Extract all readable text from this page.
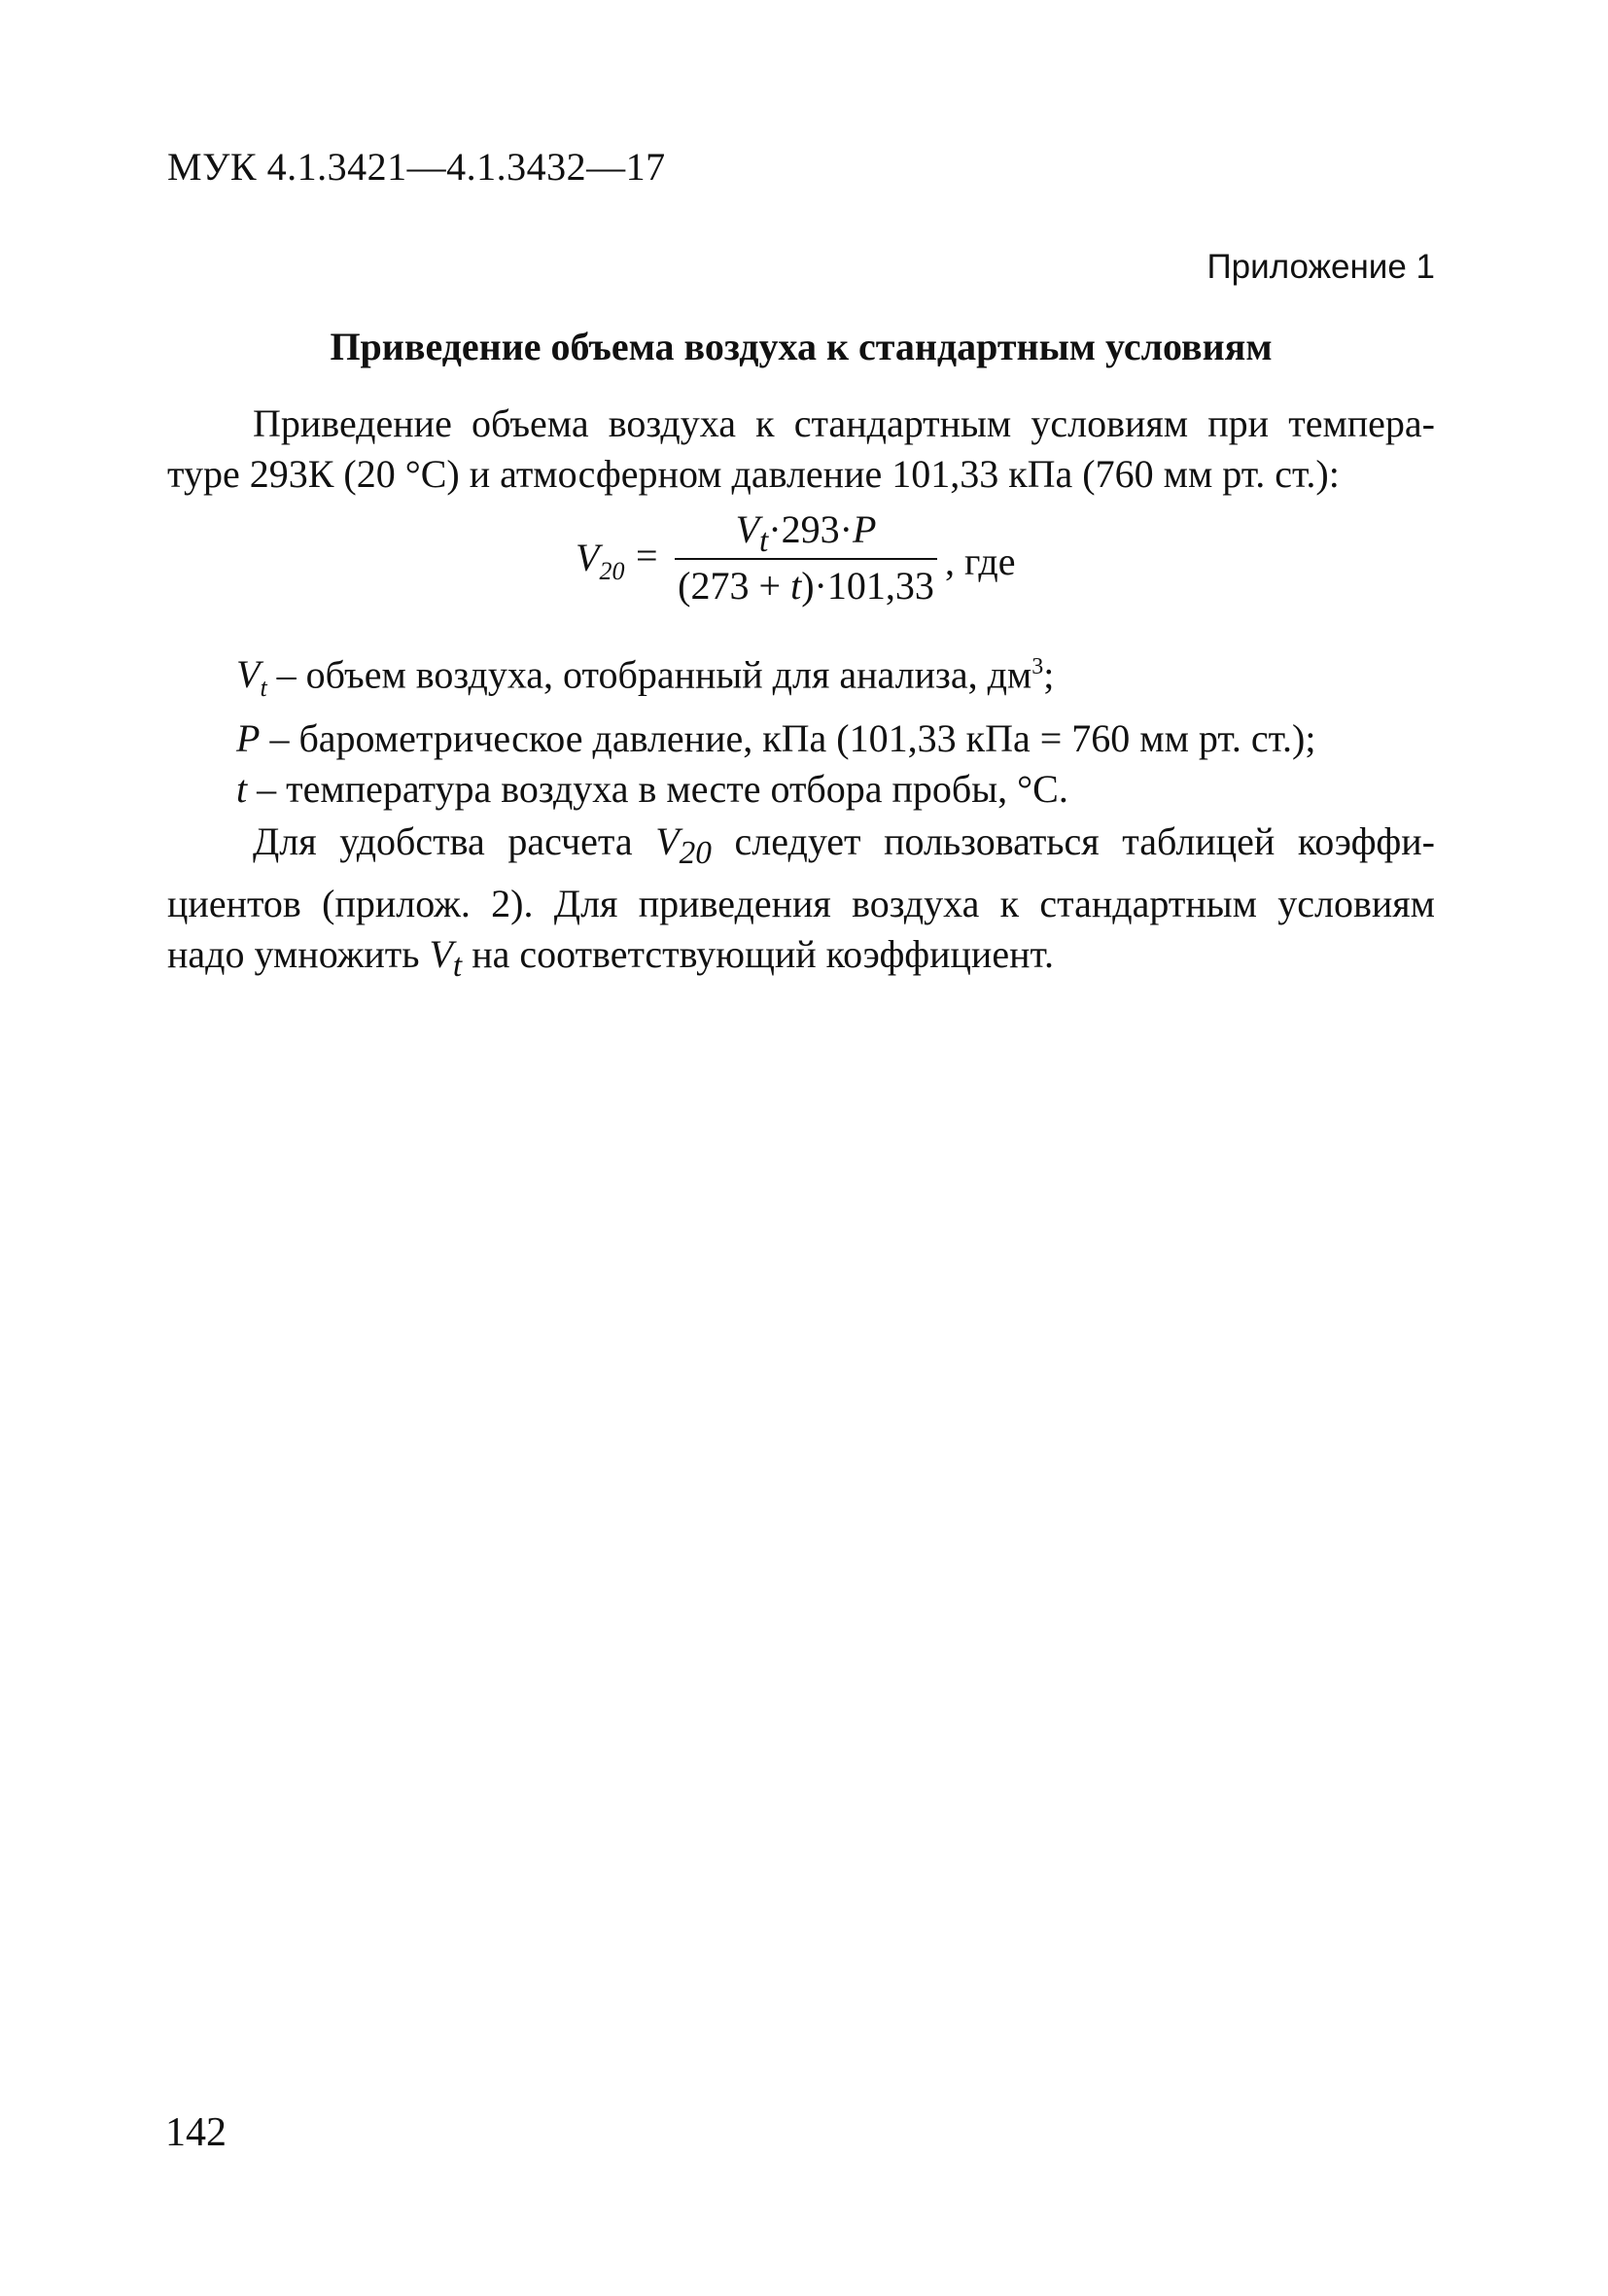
МУК 4.1.3421—4.1.3432—17
Приложение 1
Приведение объема воздуха к стандартным условиям
Приведение объема воздуха к стандартным условиям при темпера-
туре 293К (20 °С) и атмосферном давление 101,33 кПа (760 мм рт. ст.):
$V_{20}$ =
$V_t\cdot 293\cdot P$
(273 + t)·101,33
, где
$V_t$ – объем воздуха, отобранный для анализа, $дм^3$;
P – барометрическое давление, кПа (101,33 кПа = 760 мм рт. ст.);
t – температура воздуха в месте отбора пробы, °С.
Для удобства расчета $V_{20}$ следует пользоваться таблицей коэффи-
циентов (прилож. 2). Для приведения воздуха к стандартным условиям
надо умножить $V_t$ на соответствующий коэффициент.
142
